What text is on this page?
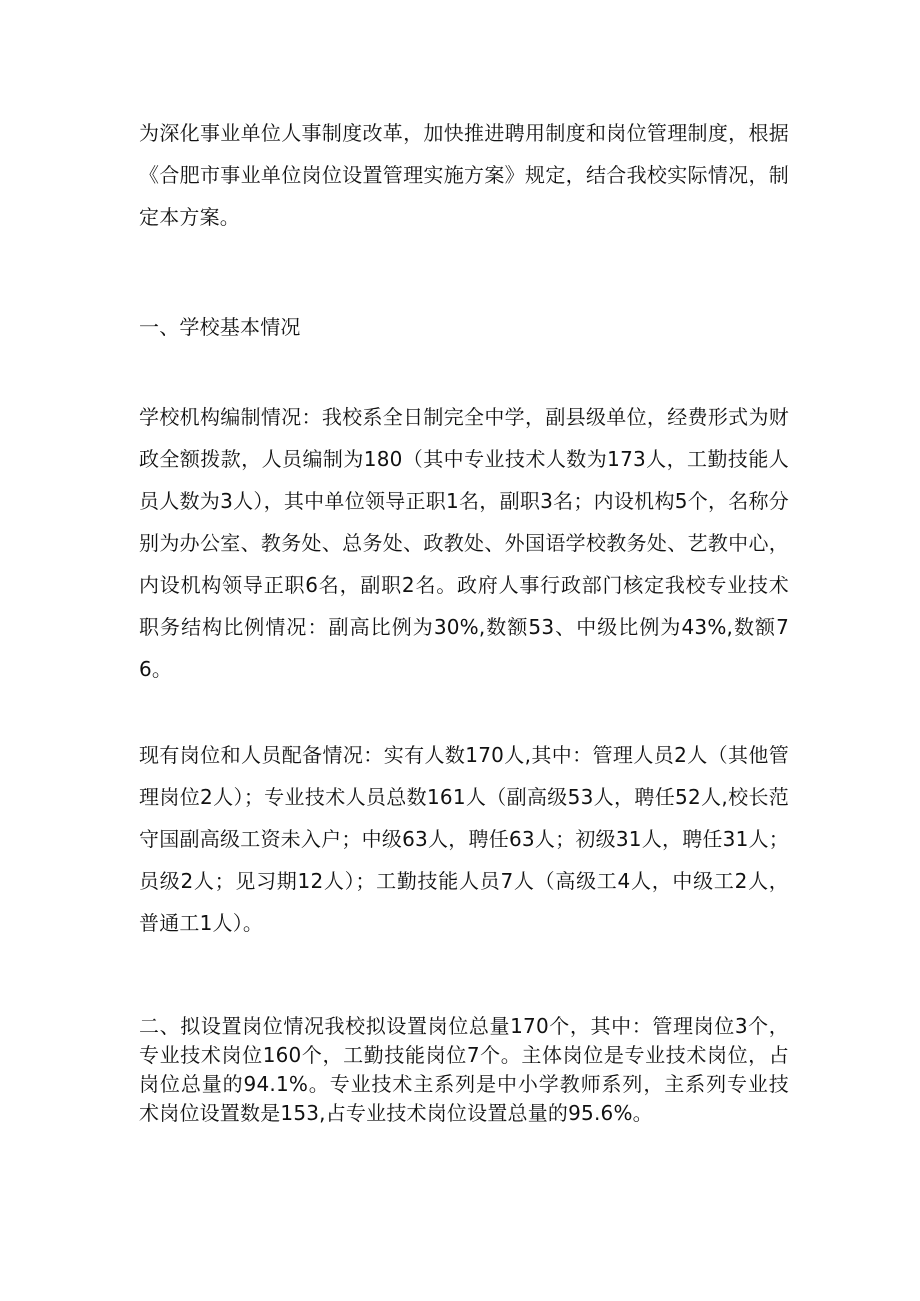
为深化事业单位人事制度改革，加快推进聘用制度和岗位管理制度，根据《合肥市事业单位岗位设置管理实施方案》规定，结合我校实际情况，制定本方案。

一、学校基本情况

学校机构编制情况：我校系全日制完全中学，副县级单位，经费形式为财政全额拨款，人员编制为180（其中专业技术人数为173人，工勤技能人员人数为3人），其中单位领导正职1名，副职3名；内设机构5个，名称分别为办公室、教务处、总务处、政教处、外国语学校教务处、艺教中心，内设机构领导正职6名，副职2名。政府人事行政部门核定我校专业技术职务结构比例情况：副高比例为30%,数额53、中级比例为43%,数额76。

现有岗位和人员配备情况：实有人数170人,其中：管理人员2人（其他管理岗位2人）；专业技术人员总数161人（副高级53人，聘任52人,校长范守国副高级工资未入户；中级63人，聘任63人；初级31人，聘任31人；员级2人；见习期12人）；工勤技能人员7人（高级工4人，中级工2人，普通工1人）。

二、拟设置岗位情况我校拟设置岗位总量170个，其中：管理岗位3个，专业技术岗位160个，工勤技能岗位7个。主体岗位是专业技术岗位，占岗位总量的94.1%。专业技术主系列是中小学教师系列，主系列专业技术岗位设置数是153,占专业技术岗位设置总量的95.6%。
